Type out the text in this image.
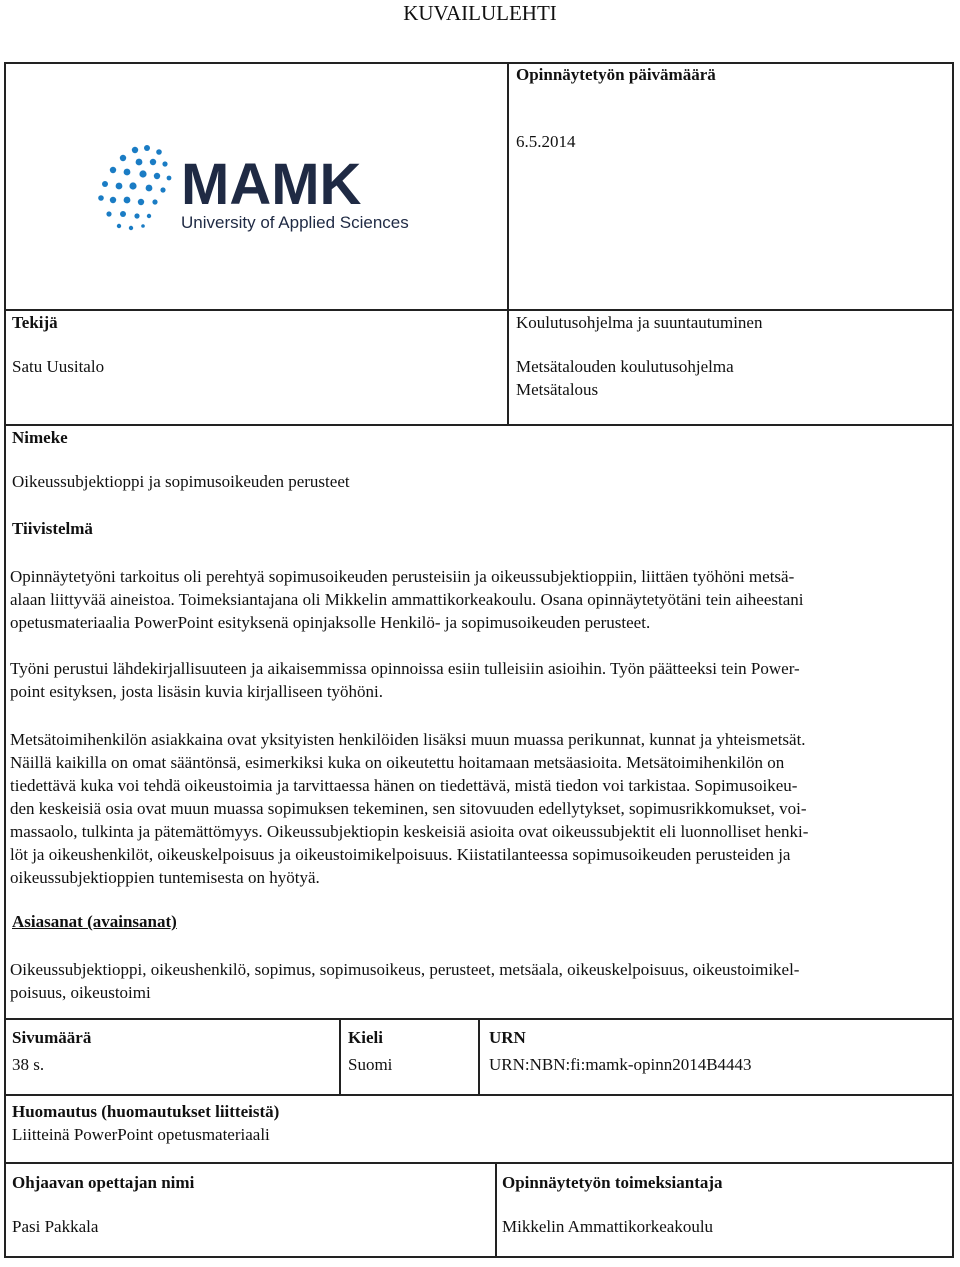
KUVAILULEHTI
MAMK
University of Applied Sciences
Opinnäytetyön päivämäärä
6.5.2014
Tekijä
Satu Uusitalo
Koulutusohjelma ja suuntautuminen
Metsätalouden koulutusohjelma
Metsätalous
Nimeke
Oikeussubjektioppi ja sopimusoikeuden perusteet
Tiivistelmä
Opinnäytetyöni tarkoitus oli perehtyä sopimusoikeuden perusteisiin ja oikeussubjektioppiin, liittäen työhöni metsä-
alaan liittyvää aineistoa. Toimeksiantajana oli Mikkelin ammattikorkeakoulu. Osana opinnäytetyötäni tein aiheestani
opetusmateriaalia PowerPoint esityksenä opinjaksolle Henkilö- ja sopimusoikeuden perusteet.
Työni perustui lähdekirjallisuuteen ja aikaisemmissa opinnoissa esiin tulleisiin asioihin. Työn päätteeksi tein Power-
point esityksen, josta lisäsin kuvia kirjalliseen työhöni.
Metsätoimihenkilön asiakkaina ovat yksityisten henkilöiden lisäksi muun muassa perikunnat, kunnat ja yhteismetsät.
Näillä kaikilla on omat sääntönsä, esimerkiksi kuka on oikeutettu hoitamaan metsäasioita. Metsätoimihenkilön on
tiedettävä kuka voi tehdä oikeustoimia ja tarvittaessa hänen on tiedettävä, mistä tiedon voi tarkistaa. Sopimusoikeu-
den keskeisiä osia ovat muun muassa sopimuksen tekeminen, sen sitovuuden edellytykset, sopimusrikkomukset, voi-
massaolo, tulkinta ja pätemättömyys. Oikeussubjektiopin keskeisiä asioita ovat oikeussubjektit eli luonnolliset henki-
löt ja oikeushenkilöt, oikeuskelpoisuus ja oikeustoimikelpoisuus. Kiistatilanteessa sopimusoikeuden perusteiden ja
oikeussubjektioppien tuntemisesta on hyötyä.
Asiasanat (avainsanat)
Oikeussubjektioppi, oikeushenkilö, sopimus, sopimusoikeus, perusteet, metsäala, oikeuskelpoisuus, oikeustoimikel-
poisuus, oikeustoimi
Sivumäärä
38 s.
Kieli
Suomi
URN
URN:NBN:fi:mamk-opinn2014B4443
Huomautus (huomautukset liitteistä)
Liitteinä PowerPoint opetusmateriaali
Ohjaavan opettajan nimi
Pasi Pakkala
Opinnäytetyön toimeksiantaja
Mikkelin Ammattikorkeakoulu
